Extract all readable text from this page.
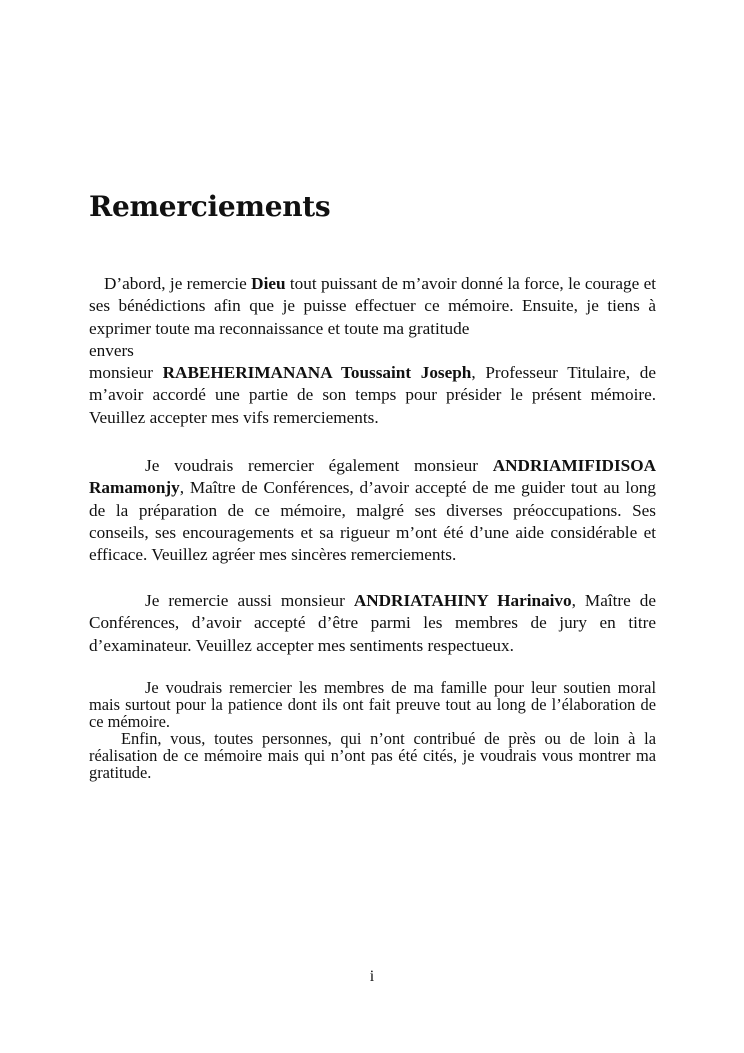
Remerciements

D’abord, je remercie Dieu tout puissant de m’avoir donné la force, le courage et ses bénédictions afin que je puisse effectuer ce mémoire. Ensuite, je tiens à exprimer toute ma reconnaissance et toute ma gratitude
envers
monsieur RABEHERIMANANA Toussaint Joseph, Professeur Titulaire, de m’avoir accordé une partie de son temps pour présider le présent mémoire. Veuillez accepter mes vifs remerciements.

Je voudrais remercier également monsieur ANDRIAMIFIDISOA Ramamonjy, Maître de Conférences, d’avoir accepté de me guider tout au long de la préparation de ce mémoire, malgré ses diverses préoccupations. Ses conseils, ses encouragements et sa rigueur m’ont été d’une aide considérable et efficace. Veuillez agréer mes sincères remerciements.

Je remercie aussi monsieur ANDRIATAHINY Harinaivo, Maître de Conférences, d’avoir accepté d’être parmi les membres de jury en titre d’examinateur. Veuillez accepter mes sentiments respectueux.

Je voudrais remercier les membres de ma famille pour leur soutien moral mais surtout pour la patience dont ils ont fait preuve tout au long de l’élaboration de ce mémoire.

Enfin, vous, toutes personnes, qui n’ont contribué de près ou de loin à la réalisation de ce mémoire mais qui n’ont pas été cités, je voudrais vous montrer ma gratitude.

i
